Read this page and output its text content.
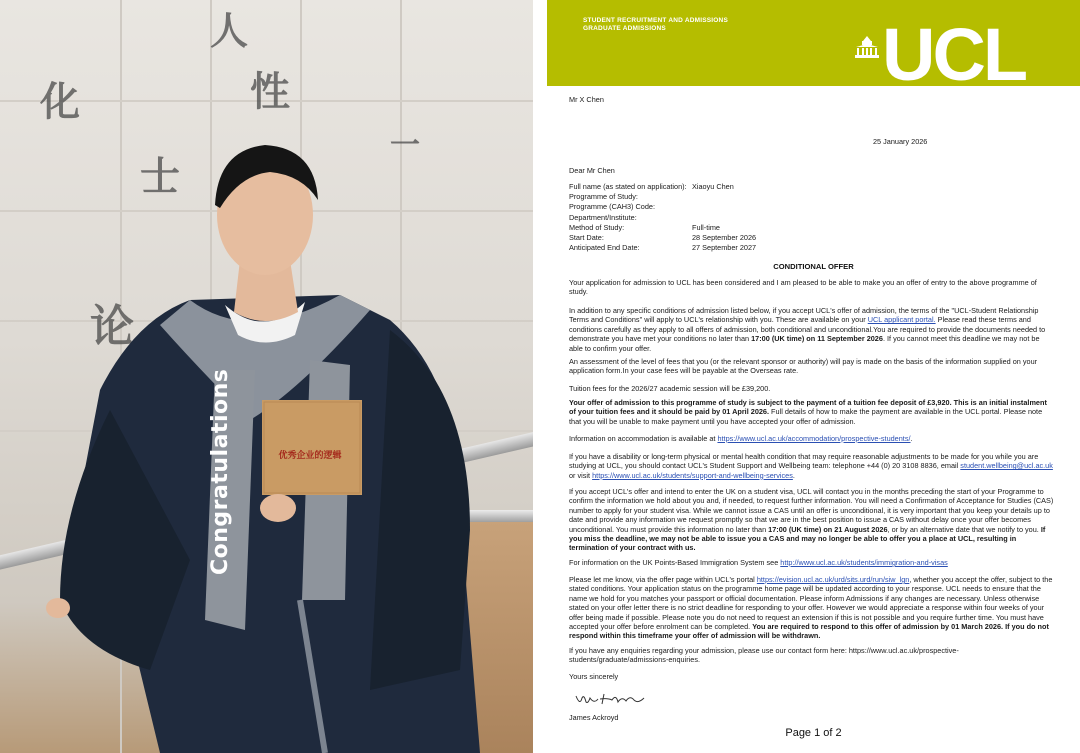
人
化	性
士
论
一
优秀企业的逻辑
Congratulations
STUDENT RECRUITMENT AND ADMISSIONS
GRADUATE ADMISSIONS	UCL
Mr X Chen
25 January 2026
Dear Mr Chen
Full name (as stated on application): Xiaoyu Chen
Programme of Study:
Programme (CAH3) Code:
Department/Institute:
Method of Study:	Full-time
Start Date:	28 September 2026
Anticipated End Date:	27 September 2027
CONDITIONAL OFFER
Your application for admission to UCL has been considered and I am pleased to be able to make you an offer of entry to the above programme of study.
In addition to any specific conditions of admission listed below, if you accept UCL's offer of admission, the terms of the "UCL-Student Relationship Terms and Conditions" will apply to UCL's relationship with you. These are available on your UCL applicant portal. Please read these terms and conditions carefully as they apply to all offers of admission, both conditional and unconditional.You are required to provide the documents needed to demonstrate you have met your conditions no later than 17:00 (UK time) on 11 September 2026. If you cannot meet this deadline we may not be able to confirm your offer.
An assessment of the level of fees that you (or the relevant sponsor or authority) will pay is made on the basis of the information supplied on your application form.In your case fees will be payable at the Overseas rate.
Tuition fees for the 2026/27 academic session will be £39,200.
Your offer of admission to this programme of study is subject to the payment of a tuition fee deposit of £3,920. This is an initial instalment of your tuition fees and it should be paid by 01 April 2026. Full details of how to make the payment are available in the UCL portal. Please note that you will be unable to make payment until you have accepted your offer of admission.
Information on accommodation is available at https://www.ucl.ac.uk/accommodation/prospective-students/.
If you have a disability or long-term physical or mental health condition that may require reasonable adjustments to be made for you while you are studying at UCL, you should contact UCL's Student Support and Wellbeing team: telephone +44 (0) 20 3108 8836, email student.wellbeing@ucl.ac.uk or visit https://www.ucl.ac.uk/students/support-and-wellbeing-services.
If you accept UCL's offer and intend to enter the UK on a student visa, UCL will contact you in the months preceding the start of your Programme to confirm the information we hold about you and, if needed, to request further information. You will need a Confirmation of Acceptance for Studies (CAS) number to apply for your student visa. While we cannot issue a CAS until an offer is unconditional, it is very important that you keep your details up to date and provide any information we request promptly so that we are in the best position to issue a CAS without delay once your offer becomes unconditional. You must provide this information no later than 17:00 (UK time) on 21 August 2026, or by an alternative date that we notify to you. If you miss the deadline, we may not be able to issue you a CAS and may no longer be able to offer you a place at UCL, resulting in termination of your contract with us.
For information on the UK Points-Based Immigration System see http://www.ucl.ac.uk/students/immigration-and-visas
Please let me know, via the offer page within UCL's portal https://evision.ucl.ac.uk/urd/sits.urd/run/siw_lgn, whether you accept the offer, subject to the stated conditions. Your application status on the programme home page will be updated according to your response. UCL needs to ensure that the name we hold for you matches your passport or official documentation. Please inform Admissions if any changes are necessary. Unless otherwise stated on your offer letter there is no strict deadline for responding to your offer. However we would appreciate a response within four weeks of your offer being made if possible. Please note you do not need to request an extension if this is not possible and you require further time. You must have accepted your offer before enrolment can be completed. You are required to respond to this offer of admission by 01 March 2026. If you do not respond within this timeframe your offer of admission will be withdrawn.
If you have any enquiries regarding your admission, please use our contact form here: https://www.ucl.ac.uk/prospective-students/graduate/admissions-enquiries.
Yours sincerely
James Ackroyd
Page 1 of 2
